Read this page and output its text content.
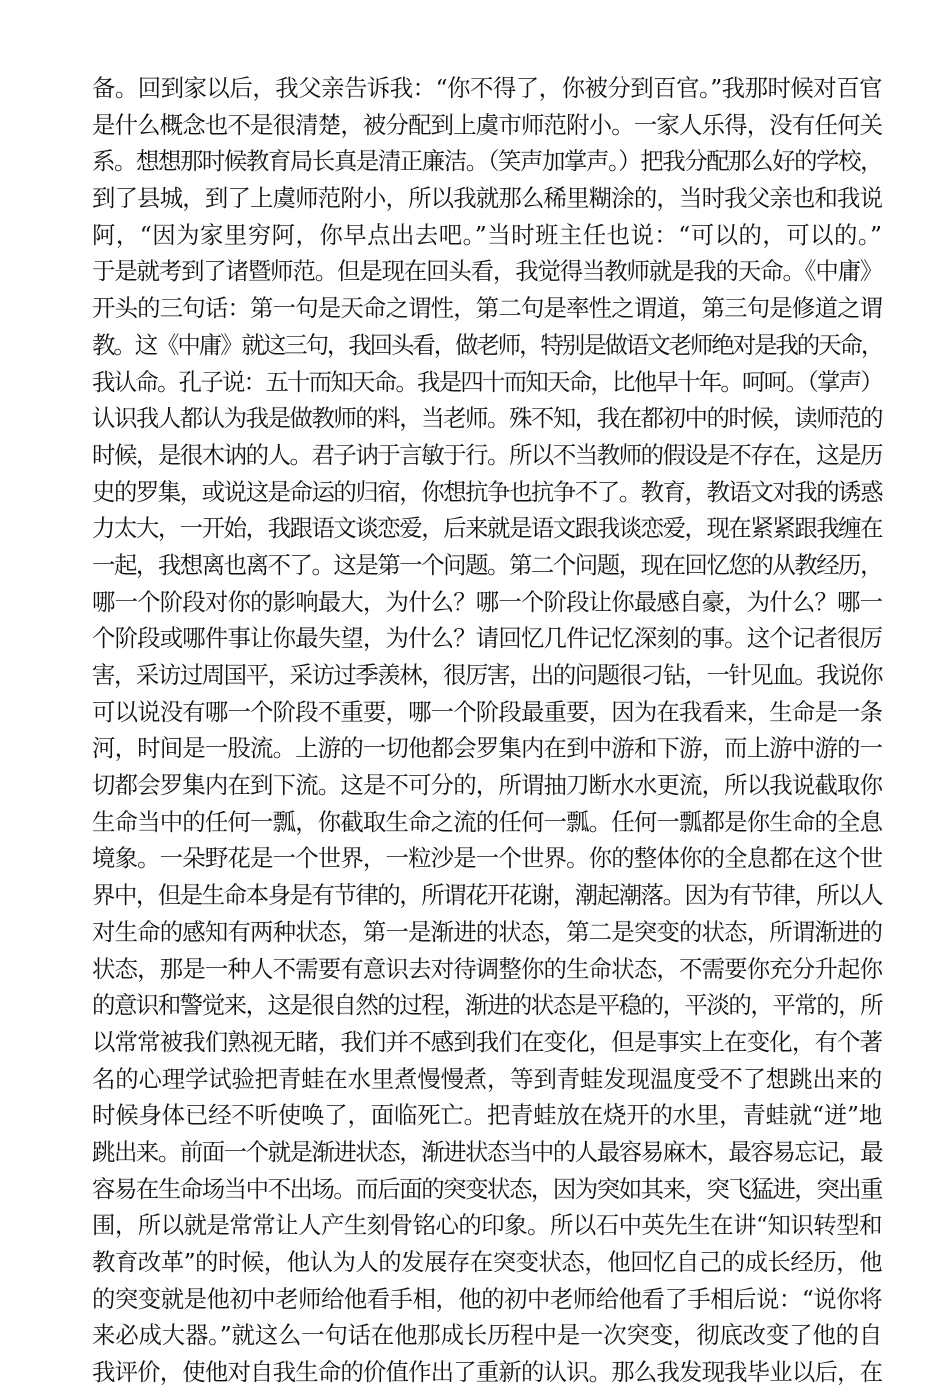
备。回到家以后，我父亲告诉我：“你不得了，你被分到百官。”我那时候对百官
是什么概念也不是很清楚，被分配到上虞市师范附小。一家人乐得，没有任何关
系。想想那时候教育局长真是清正廉洁。（笑声加掌声。）把我分配那么好的学校，
到了县城，到了上虞师范附小，所以我就那么稀里糊涂的，当时我父亲也和我说
阿，“因为家里穷阿，你早点出去吧。”当时班主任也说：“可以的，可以的。”
于是就考到了诸暨师范。但是现在回头看，我觉得当教师就是我的天命。《中庸》
开头的三句话：第一句是天命之谓性，第二句是率性之谓道，第三句是修道之谓
教。这《中庸》就这三句，我回头看，做老师，特别是做语文老师绝对是我的天命，
我认命。孔子说：五十而知天命。我是四十而知天命，比他早十年。呵呵。（掌声）
认识我人都认为我是做教师的料，当老师。殊不知，我在都初中的时候，读师范的
时候，是很木讷的人。君子讷于言敏于行。所以不当教师的假设是不存在，这是历
史的罗集，或说这是命运的归宿，你想抗争也抗争不了。教育，教语文对我的诱惑
力太大，一开始，我跟语文谈恋爱，后来就是语文跟我谈恋爱，现在紧紧跟我缠在
一起，我想离也离不了。这是第一个问题。第二个问题，现在回忆您的从教经历，
哪一个阶段对你的影响最大，为什么？哪一个阶段让你最感自豪，为什么？哪一
个阶段或哪件事让你最失望，为什么？请回忆几件记忆深刻的事。这个记者很厉
害，采访过周国平，采访过季羡林，很厉害，出的问题很刁钻，一针见血。我说你
可以说没有哪一个阶段不重要，哪一个阶段最重要，因为在我看来，生命是一条
河，时间是一股流。上游的一切他都会罗集内在到中游和下游，而上游中游的一
切都会罗集内在到下流。这是不可分的，所谓抽刀断水水更流，所以我说截取你
生命当中的任何一瓢，你截取生命之流的任何一瓢。任何一瓢都是你生命的全息
境象。一朵野花是一个世界，一粒沙是一个世界。你的整体你的全息都在这个世
界中，但是生命本身是有节律的，所谓花开花谢，潮起潮落。因为有节律，所以人
对生命的感知有两种状态，第一是渐进的状态，第二是突变的状态，所谓渐进的
状态，那是一种人不需要有意识去对待调整你的生命状态，不需要你充分升起你
的意识和警觉来，这是很自然的过程，渐进的状态是平稳的，平淡的，平常的，所
以常常被我们熟视无睹，我们并不感到我们在变化，但是事实上在变化，有个著
名的心理学试验把青蛙在水里煮慢慢煮，等到青蛙发现温度受不了想跳出来的
时候身体已经不听使唤了，面临死亡。把青蛙放在烧开的水里，青蛙就“迸”地
跳出来。前面一个就是渐进状态，渐进状态当中的人最容易麻木，最容易忘记，最
容易在生命场当中不出场。而后面的突变状态，因为突如其来，突飞猛进，突出重
围，所以就是常常让人产生刻骨铭心的印象。所以石中英先生在讲“知识转型和
教育改革”的时候，他认为人的发展存在突变状态，他回忆自己的成长经历，他
的突变就是他初中老师给他看手相，他的初中老师给他看了手相后说：“说你将
来必成大器。”就这么一句话在他那成长历程中是一次突变，彻底改变了他的自
我评价，使他对自我生命的价值作出了重新的认识。那么我发现我毕业以后，在
